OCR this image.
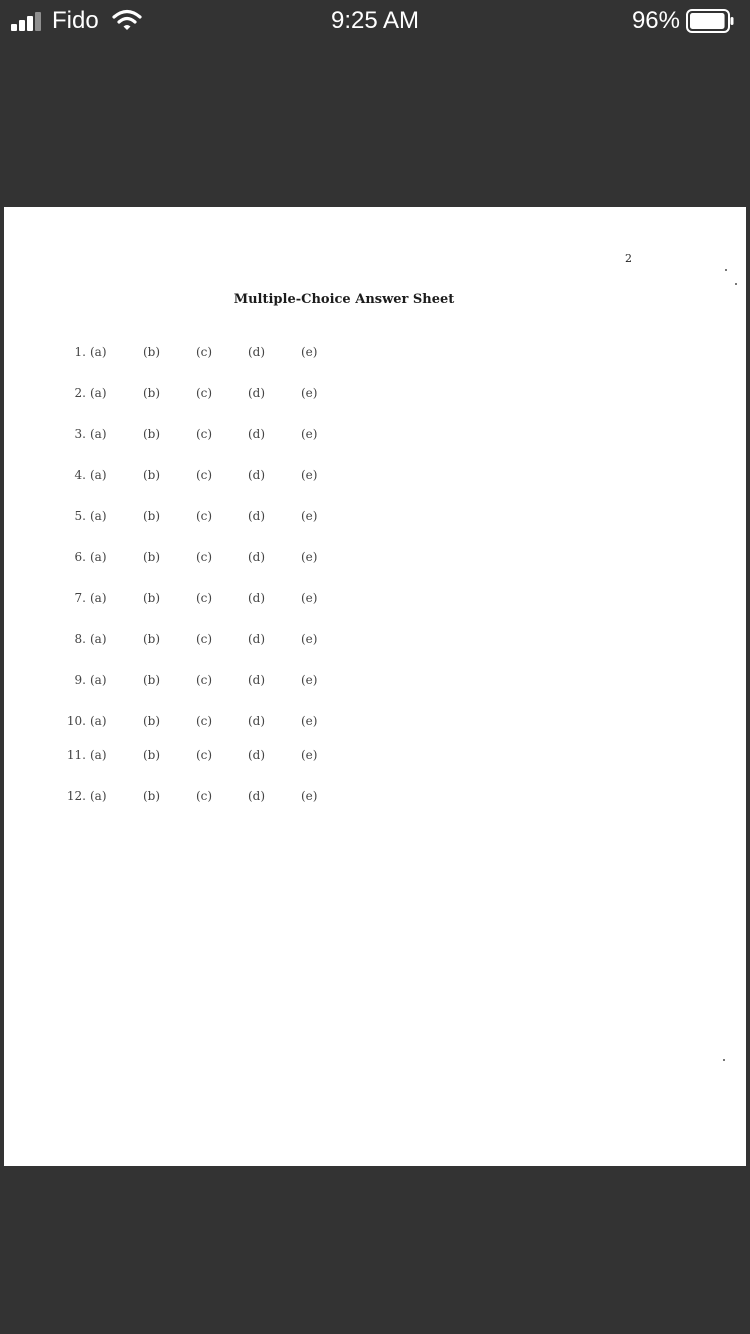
Fido	9:25 AM	96%
2
Multiple-Choice Answer Sheet
1. (a)	(b)	(c)	(d)	(e)
2. (a)	(b)	(c)	(d)	(e)
3. (a)	(b)	(c)	(d)	(e)
4. (a)	(b)	(c)	(d)	(e)
5. (a)	(b)	(c)	(d)	(e)
6. (a)	(b)	(c)	(d)	(e)
7. (a)	(b)	(c)	(d)	(e)
8. (a)	(b)	(c)	(d)	(e)
9. (a)	(b)	(c)	(d)	(e)
10. (a)	(b)	(c)	(d)	(e)
11. (a)	(b)	(c)	(d)	(e)
12. (a)	(b)	(c)	(d)	(e)
